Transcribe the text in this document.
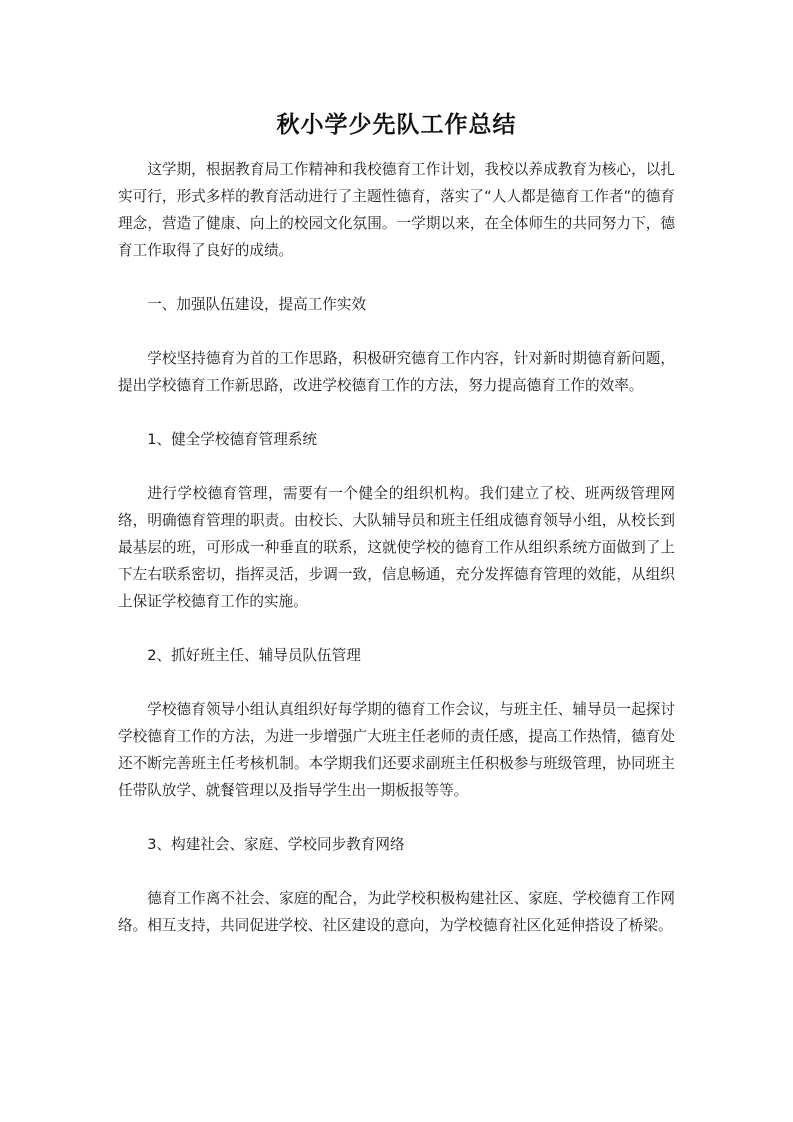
秋小学少先队工作总结

这学期，根据教育局工作精神和我校德育工作计划，我校以养成教育为核心，以扎实可行，形式多样的教育活动进行了主题性德育，落实了“人人都是德育工作者”的德育理念，营造了健康、向上的校园文化氛围。一学期以来，在全体师生的共同努力下，德育工作取得了良好的成绩。

一、加强队伍建设，提高工作实效

学校坚持德育为首的工作思路，积极研究德育工作内容，针对新时期德育新问题，提出学校德育工作新思路，改进学校德育工作的方法，努力提高德育工作的效率。

1、健全学校德育管理系统

进行学校德育管理，需要有一个健全的组织机构。我们建立了校、班两级管理网络，明确德育管理的职责。由校长、大队辅导员和班主任组成德育领导小组，从校长到最基层的班，可形成一种垂直的联系，这就使学校的德育工作从组织系统方面做到了上下左右联系密切，指挥灵活，步调一致，信息畅通，充分发挥德育管理的效能，从组织上保证学校德育工作的实施。

2、抓好班主任、辅导员队伍管理

学校德育领导小组认真组织好每学期的德育工作会议，与班主任、辅导员一起探讨学校德育工作的方法，为进一步增强广大班主任老师的责任感，提高工作热情，德育处还不断完善班主任考核机制。本学期我们还要求副班主任积极参与班级管理，协同班主任带队放学、就餐管理以及指导学生出一期板报等等。

3、构建社会、家庭、学校同步教育网络

德育工作离不社会、家庭的配合，为此学校积极构建社区、家庭、学校德育工作网络。相互支持，共同促进学校、社区建设的意向，为学校德育社区化延伸搭设了桥梁。
